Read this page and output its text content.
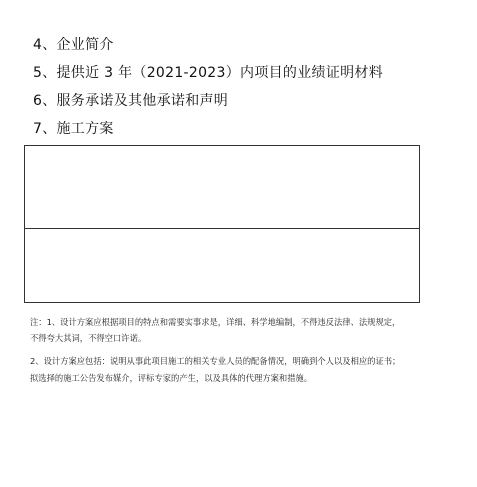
4、企业简介
5、提供近 3 年（2021-2023）内项目的业绩证明材料
6、服务承诺及其他承诺和声明
7、施工方案
注：1、设计方案应根据项目的特点和需要实事求是，详细、科学地编制，不得违反法律、法规规定，
不得夸大其词，不得空口许诺。
2、设计方案应包括：说明从事此项目施工的相关专业人员的配备情况，明确到个人以及相应的证书；
拟选择的施工公告发布媒介，评标专家的产生，以及具体的代理方案和措施。
